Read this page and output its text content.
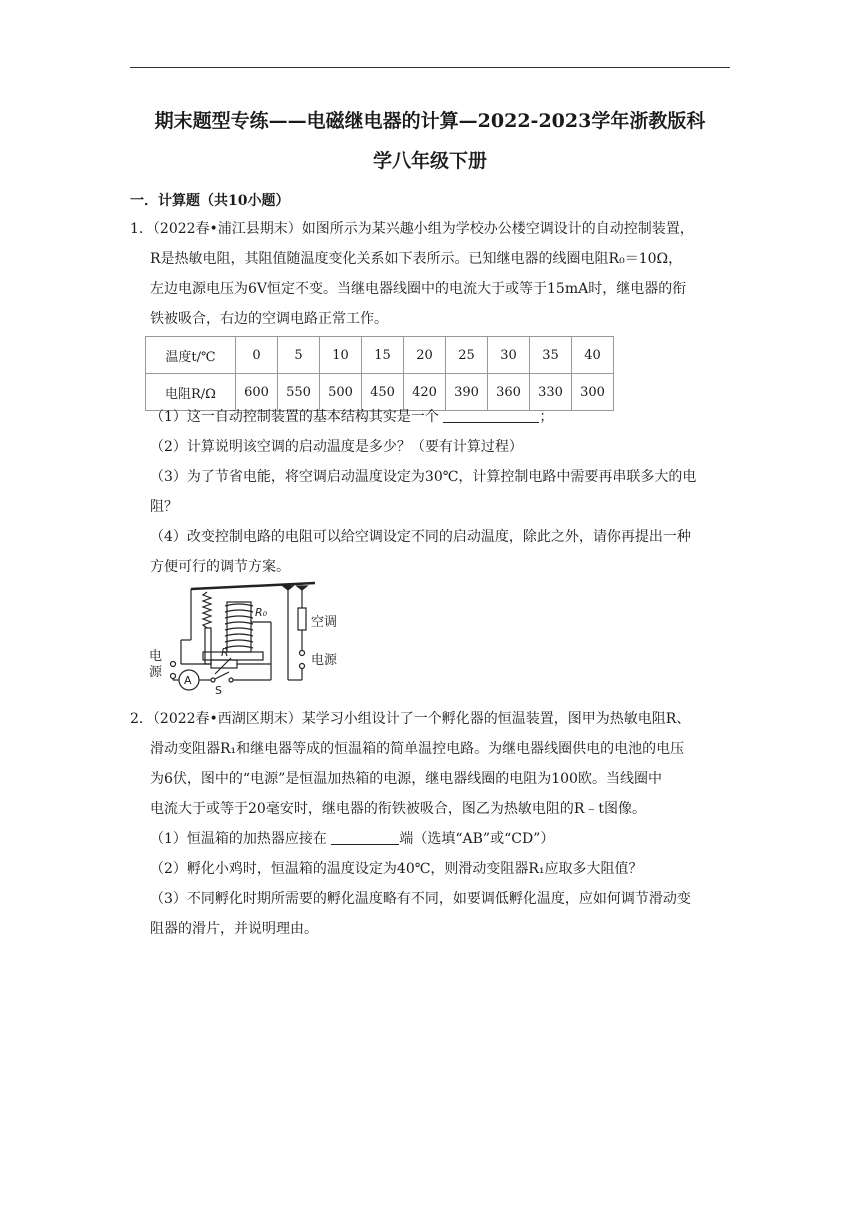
期末题型专练——电磁继电器的计算—2022-2023学年浙教版科
学八年级下册
一．计算题（共10小题）
1．（2022春•浦江县期末）如图所示为某兴趣小组为学校办公楼空调设计的自动控制装置，
R是热敏电阻，其阻值随温度变化关系如下表所示。已知继电器的线圈电阻R₀＝10Ω，
左边电源电压为6V恒定不变。当继电器线圈中的电流大于或等于15mA时，继电器的衔
铁被吸合，右边的空调电路正常工作。
温度t/℃	0	5	10	15	20	25	30	35	40
电阻R/Ω	600	550	500	450	420	390	360	330	300
（1）这一自动控制装置的基本结构其实是一个	；
（2）计算说明该空调的启动温度是多少？（要有计算过程）
（3）为了节省电能，将空调启动温度设定为30℃，计算控制电路中需要再串联多大的电
阻？
（4）改变控制电路的电阻可以给空调设定不同的启动温度，除此之外，请你再提出一种
方便可行的调节方案。
R₀
R
空调
电源
电
源
A
S
2．（2022春•西湖区期末）某学习小组设计了一个孵化器的恒温装置，图甲为热敏电阻R、
滑动变阻器R₁和继电器等成的恒温箱的简单温控电路。为继电器线圈供电的电池的电压
为6伏，图中的“电源”是恒温加热箱的电源，继电器线圈的电阻为100欧。当线圈中
电流大于或等于20毫安时，继电器的衔铁被吸合，图乙为热敏电阻的R﹣t图像。
（1）恒温箱的加热器应接在	端（选填“AB”或“CD”）
（2）孵化小鸡时，恒温箱的温度设定为40℃，则滑动变阻器R₁应取多大阻值？
（3）不同孵化时期所需要的孵化温度略有不同，如要调低孵化温度，应如何调节滑动变
阻器的滑片，并说明理由。
